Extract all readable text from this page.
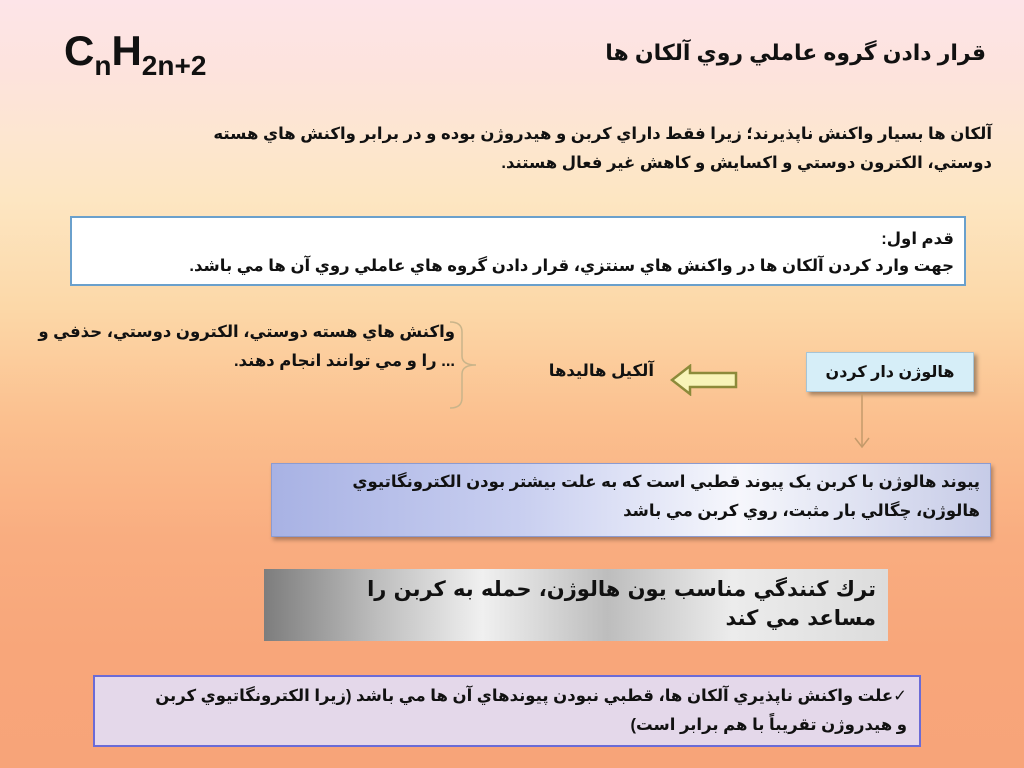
$C_nH_{2n+2}$	قرار دادن گروه عاملي روي آلكان ها
آلكان ها بسيار واكنش ناپذيرند؛ زيرا فقط داراي كربن و هيدروژن بوده و در برابر واكنش هاي هسته
دوستي، الكترون دوستي و اكسايش و كاهش غير فعال هستند.
قدم اول:
جهت وارد كردن آلكان ها در واكنش هاي سنتزي، قرار دادن گروه هاي عاملي روي آن ها مي باشد.
واكنش هاي هسته دوستي، الكترون دوستي، حذفي و
... را و مي توانند انجام دهند.
آلکیل هالیدها	هالوژن دار كردن
پيوند هالوژن با كربن يک پيوند قطبي است كه به علت بيشتر بودن الكترونگاتيوي
هالوژن، چگالي بار مثبت، روي كربن مي باشد
ترك كنندگي مناسب يون هالوژن، حمله به كربن را
مساعد مي كند
✓علت واكنش ناپذيري آلكان ها، قطبي نبودن پيوندهاي آن ها مي باشد (زيرا الكترونگاتيوي كربن
و هيدروژن تقريباً با هم برابر است)
